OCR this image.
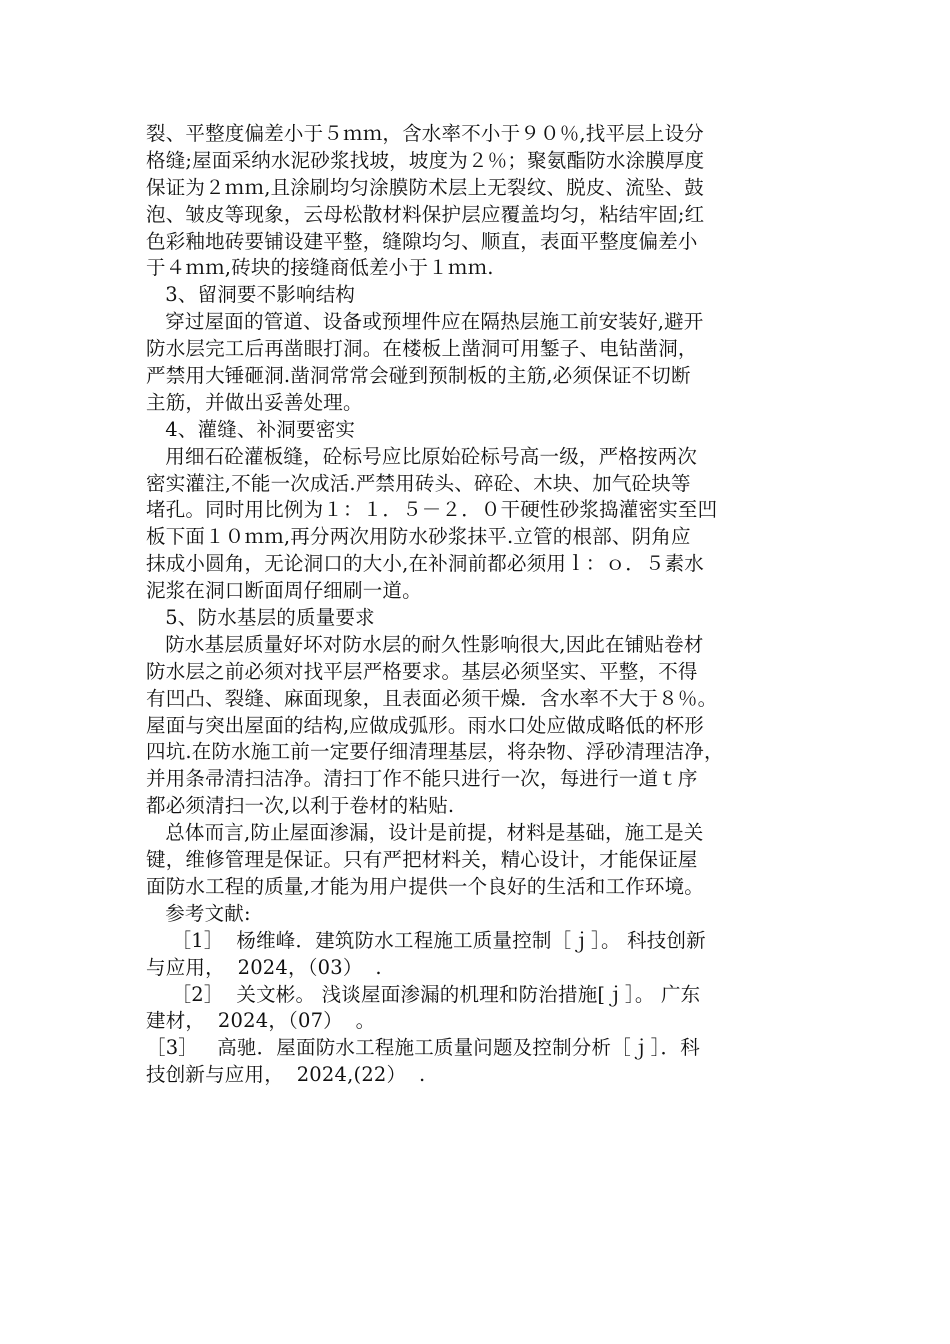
裂、平整度偏差小于５ｍｍ，含水率不小于９０％,找平层上设分
格缝;屋面采纳水泥砂浆找坡，坡度为２％；聚氨酯防水涂膜厚度
保证为２ｍｍ,且涂刷均匀涂膜防术层上无裂纹、脱皮、流坠、鼓
泡、皱皮等现象，云母松散材料保护层应覆盖均匀，粘结牢固;红
色彩釉地砖要铺设建平整，缝隙均匀、顺直，表面平整度偏差小
于４ｍｍ,砖块的接缝商低差小于１ｍｍ.
3、留洞要不影响结构
穿过屋面的管道、设备或预埋件应在隔热层施工前安装好,避开
防水层完工后再凿眼打洞。在楼板上凿洞可用錾子、电钻凿洞，
严禁用大锤砸洞.凿洞常常会碰到预制板的主筋,必须保证不切断
主筋，并做出妥善处理。
4、灌缝、补洞要密实
用细石砼灌板缝，砼标号应比原始砼标号高一级，严格按两次
密实灌注,不能一次成活.严禁用砖头、碎砼、木块、加气砼块等
堵孔。同时用比例为１：１．５－２．０干硬性砂浆捣灌密实至凹
板下面１０ｍｍ,再分两次用防水砂浆抹平.立管的根部、阴角应
抹成小圆角，无论洞口的大小,在补洞前都必须用ｌ：ｏ．５素水
泥浆在洞口断面周仔细刷一道。
5、防水基层的质量要求
防水基层质量好坏对防水层的耐久性影响很大,因此在铺贴卷材
防水层之前必须对找平层严格要求。基层必须坚实、平整，不得
有凹凸、裂缝、麻面现象，且表面必须干燥．含水率不大于８％。
屋面与突出屋面的结构,应做成弧形。雨水口处应做成略低的杯形
四坑.在防水施工前一定要仔细清理基层，将杂物、浮砂清理洁净，
并用条帚清扫洁净。清扫丁作不能只进行一次，每进行一道ｔ序
都必须清扫一次,以利于卷材的粘贴.
总体而言,防止屋面渗漏，设计是前提，材料是基础，施工是关
键，维修管理是保证。只有严把材料关，精心设计，才能保证屋
面防水工程的质量,才能为用户提供一个良好的生活和工作环境。
参考文献:
［1］  杨维峰．建筑防水工程施工质量控制［ｊ］。 科技创新
与应用，  2024，（03）  .
［2］  关文彬。 浅谈屋面渗漏的机理和防治措施[ｊ］。 广东
建材，  2024，（07）  。
［3］   高驰．屋面防水工程施工质量问题及控制分析［ｊ］．科
技创新与应用，  2024,(22）  .
